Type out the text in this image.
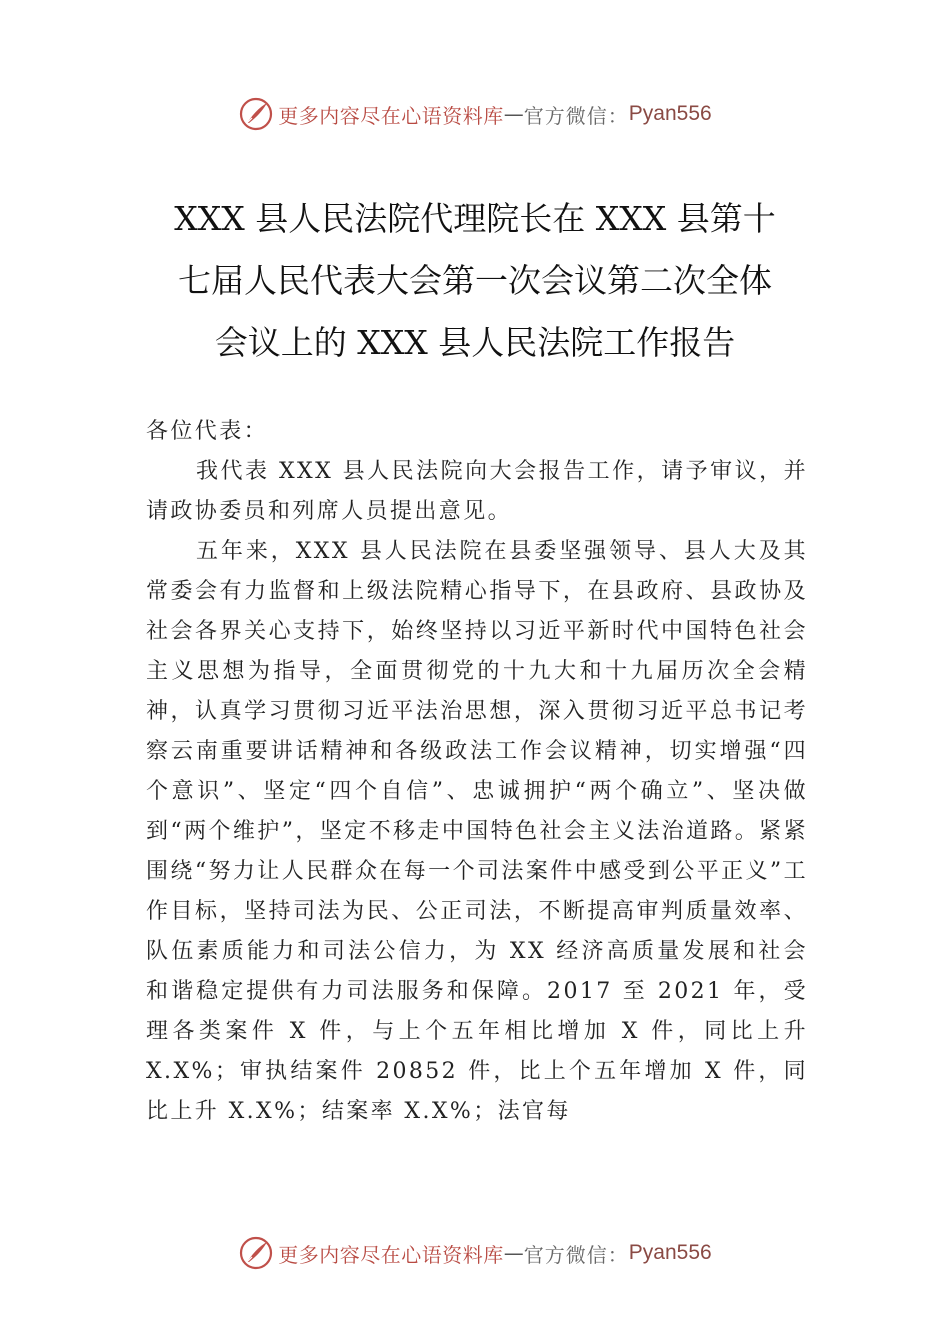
更多内容尽在心语资料库 — 官方微信： Pyan556
XXX 县人民法院代理院长在 XXX 县第十
七届人民代表大会第一次会议第二次全体
会议上的 XXX 县人民法院工作报告

各位代表：

我代表 XXX 县人民法院向大会报告工作，请予审议，并请政协委员和列席人员提出意见。

五年来，XXX 县人民法院在县委坚强领导、县人大及其常委会有力监督和上级法院精心指导下，在县政府、县政协及社会各界关心支持下，始终坚持以习近平新时代中国特色社会主义思想为指导，全面贯彻党的十九大和十九届历次全会精神，认真学习贯彻习近平法治思想，深入贯彻习近平总书记考察云南重要讲话精神和各级政法工作会议精神，切实增强“四个意识”、坚定“四个自信”、忠诚拥护“两个确立”、坚决做到“两个维护”，坚定不移走中国特色社会主义法治道路。紧紧围绕“努力让人民群众在每一个司法案件中感受到公平正义”工作目标，坚持司法为民、公正司法，不断提高审判质量效率、队伍素质能力和司法公信力，为 XX 经济高质量发展和社会和谐稳定提供有力司法服务和保障。2017 至 2021 年，受理各类案件 X 件，与上个五年相比增加 X 件，同比上升 X.X%；审执结案件 20852 件，比上个五年增加 X 件，同比上升 X.X%；结案率 X.X%；法官每

更多内容尽在心语资料库 — 官方微信： Pyan556
